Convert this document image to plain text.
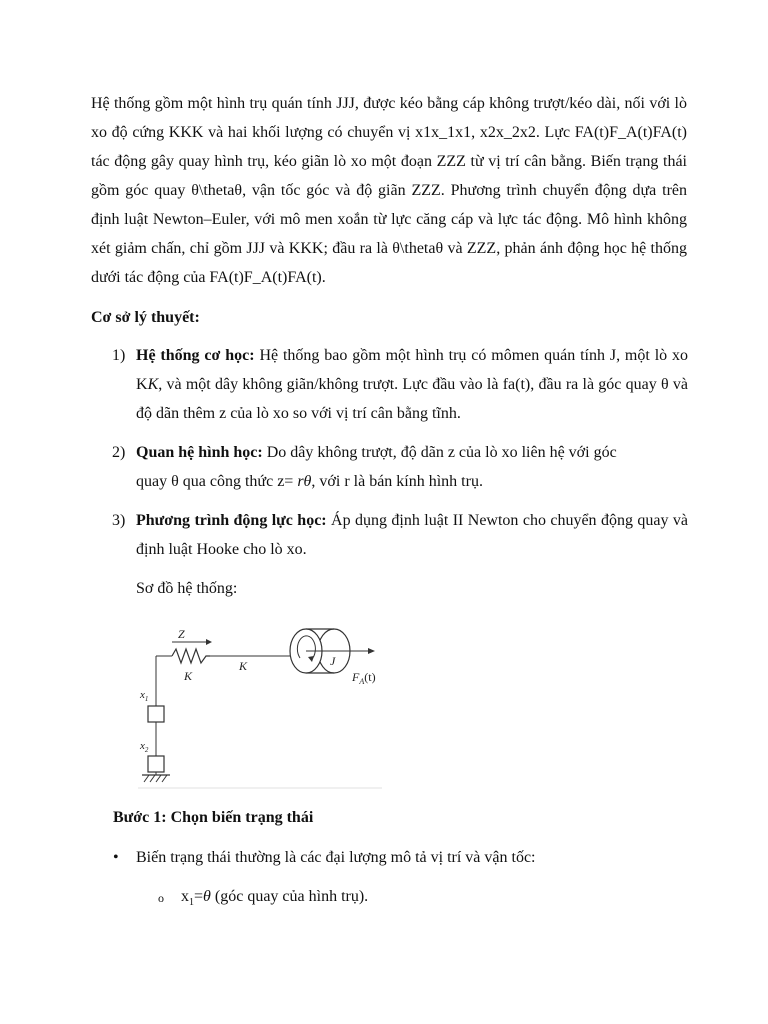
Hệ thống gồm một hình trụ quán tính JJJ, được kéo bằng cáp không trượt/kéo dài, nối với lò xo độ cứng KKK và hai khối lượng có chuyển vị x1x_1x1, x2x_2x2. Lực FA(t)F_A(t)FA(t) tác động gây quay hình trụ, kéo giãn lò xo một đoạn ZZZ từ vị trí cân bằng. Biến trạng thái gồm góc quay θ\thetaθ, vận tốc góc và độ giãn ZZZ. Phương trình chuyển động dựa trên định luật Newton–Euler, với mô men xoắn từ lực căng cáp và lực tác động. Mô hình không xét giảm chấn, chỉ gồm JJJ và KKK; đầu ra là θ\thetaθ và ZZZ, phản ánh động học hệ thống dưới tác động của FA(t)F_A(t)FA(t).

Cơ sở lý thuyết:

1) Hệ thống cơ học: Hệ thống bao gồm một hình trụ có mômen quán tính J, một lò xo KK, và một dây không giãn/không trượt. Lực đầu vào là fa(t), đầu ra là góc quay θ và độ dãn thêm z của lò xo so với vị trí cân bằng tĩnh.
2) Quan hệ hình học: Do dây không trượt, độ dãn z của lò xo liên hệ với góc quay θ qua công thức z= rθ, với r là bán kính hình trụ.
3) Phương trình động lực học: Áp dụng định luật II Newton cho chuyển động quay và định luật Hooke cho lò xo.
Sơ đồ hệ thống:
Z
K
K	J
$F_A(t)$
$x_1$
$x_2$
Bước 1: Chọn biến trạng thái
• Biến trạng thái thường là các đại lượng mô tả vị trí và vận tốc:
o $x_1=\theta$ (góc quay của hình trụ).
